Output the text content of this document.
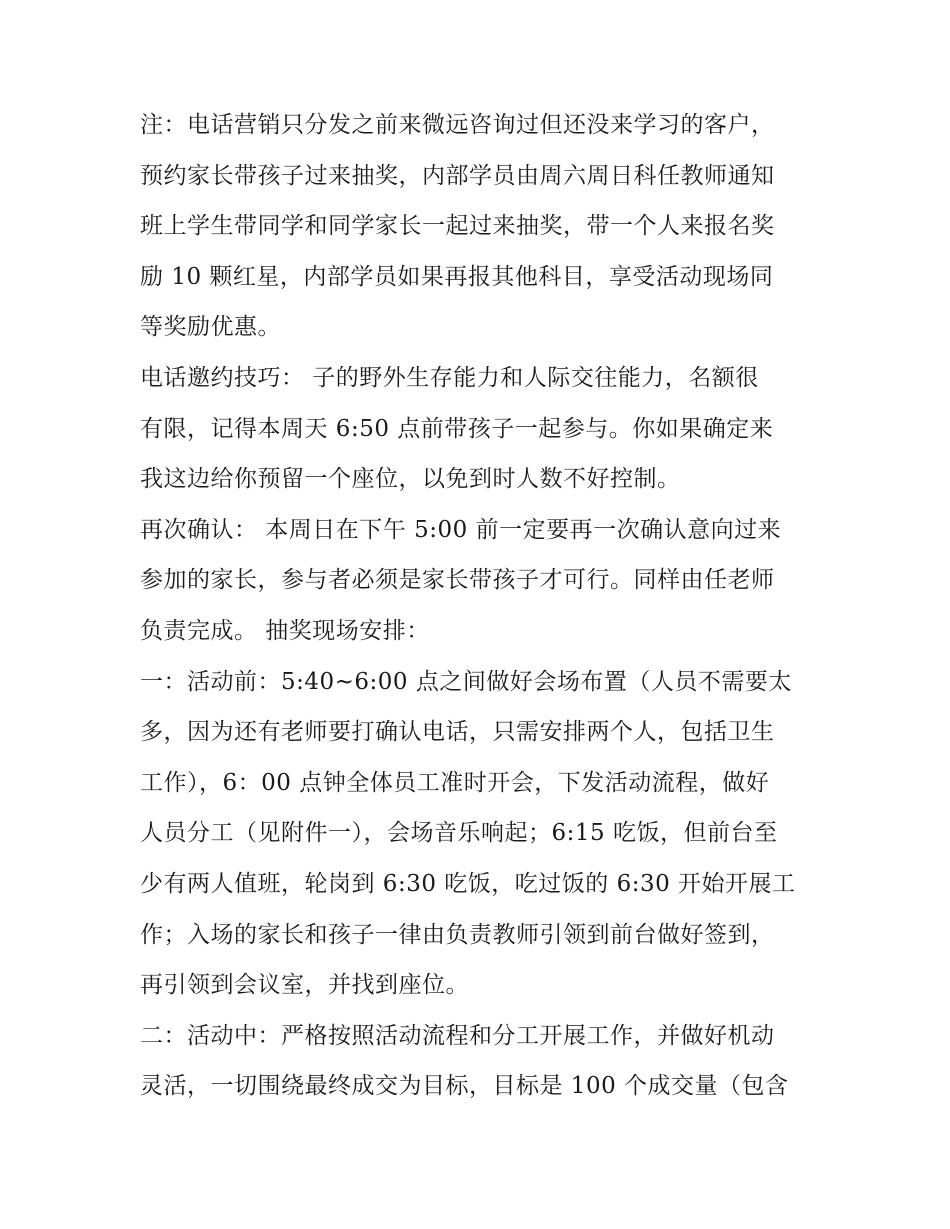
注：电话营销只分发之前来微远咨询过但还没来学习的客户，
预约家长带孩子过来抽奖，内部学员由周六周日科任教师通知
班上学生带同学和同学家长一起过来抽奖，带一个人来报名奖
励 10 颗红星，内部学员如果再报其他科目，享受活动现场同
等奖励优惠。
电话邀约技巧： 子的野外生存能力和人际交往能力，名额很
有限，记得本周天 6:50 点前带孩子一起参与。你如果确定来
我这边给你预留一个座位，以免到时人数不好控制。
再次确认： 本周日在下午 5:00 前一定要再一次确认意向过来
参加的家长，参与者必须是家长带孩子才可行。同样由任老师
负责完成。 抽奖现场安排：
一：活动前：5:40~6:00 点之间做好会场布置（人员不需要太
多，因为还有老师要打确认电话，只需安排两个人，包括卫生
工作），6：00 点钟全体员工准时开会，下发活动流程，做好
人员分工（见附件一），会场音乐响起；6:15 吃饭，但前台至
少有两人值班，轮岗到 6:30 吃饭，吃过饭的 6:30 开始开展工
作；入场的家长和孩子一律由负责教师引领到前台做好签到，
再引领到会议室，并找到座位。
二：活动中：严格按照活动流程和分工开展工作，并做好机动
灵活，一切围绕最终成交为目标，目标是 100 个成交量（包含
